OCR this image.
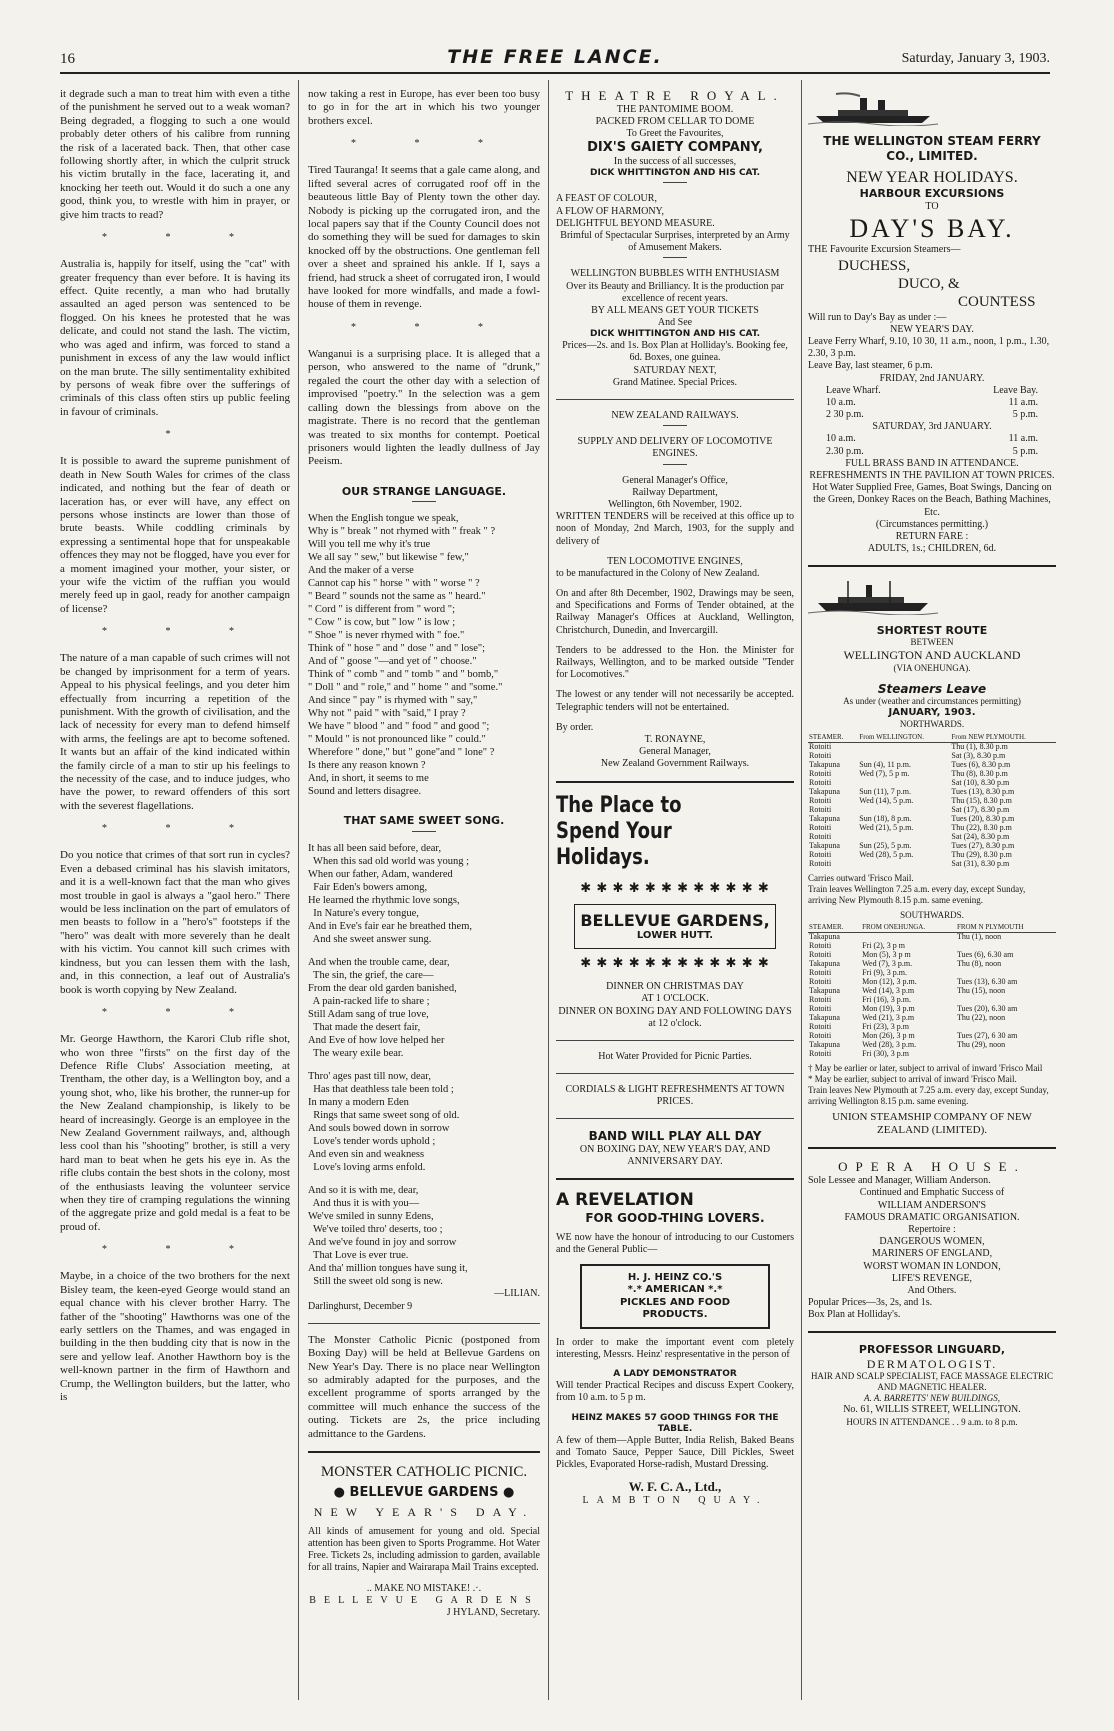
16	THE FREE LANCE.	Saturday, January 3, 1903.

it degrade such a man to treat him with even a tithe of the punishment he served out to a weak woman? Being degraded, a flogging to such a one would probably deter others of his calibre from running the risk of a lacerated back. Then, that other case following shortly after, in which the culprit struck his victim brutally in the face, lacerating it, and knocking her teeth out. Would it do such a one any good, think you, to wrestle with him in prayer, or give him tracts to read?

* * *

Australia is, happily for itself, using the "cat" with greater frequency than ever before. It is having its effect. Quite recently, a man who had brutally assaulted an aged person was sentenced to be flogged. On his knees he protested that he was delicate, and could not stand the lash. The victim, who was aged and infirm, was forced to stand a punishment in excess of any the law would inflict on the man brute. The silly sentimentality exhibited by persons of weak fibre over the sufferings of criminals of this class often stirs up public feeling in favour of criminals.

*

It is possible to award the supreme punishment of death in New South Wales for crimes of the class indicated, and nothing but the fear of death or laceration has, or ever will have, any effect on persons whose instincts are lower than those of brute beasts. While coddling criminals by expressing a sentimental hope that for unspeakable offences they may not be flogged, have you ever for a moment imagined your mother, your sister, or your wife the victim of the ruffian you would merely feed up in gaol, ready for another campaign of license?

* * *

The nature of a man capable of such crimes will not be changed by imprisonment for a term of years. Appeal to his physical feelings, and you deter him effectually from incurring a repetition of the punishment. With the growth of civilisation, and the lack of necessity for every man to defend himself with arms, the feelings are apt to become softened. It wants but an affair of the kind indicated within the family circle of a man to stir up his feelings to the necessity of the case, and to induce judges, who have the power, to reward offenders of this sort with the severest flagellations.

* * *

Do you notice that crimes of that sort run in cycles? Even a debased criminal has his slavish imitators, and it is a well-known fact that the man who gives most trouble in gaol is always a "gaol hero." There would be less inclination on the part of emulators of men beasts to follow in a "hero's" footsteps if the "hero" was dealt with more severely than he dealt with his victim. You cannot kill such crimes with kindness, but you can lessen them with the lash, and, in this connection, a leaf out of Australia's book is worth copying by New Zealand.

* * *

Mr. George Hawthorn, the Karori Club rifle shot, who won three "firsts" on the first day of the Defence Rifle Clubs' Association meeting, at Trentham, the other day, is a Wellington boy, and a young shot, who, like his brother, the runner-up for the New Zealand championship, is likely to be heard of increasingly. George is an employee in the New Zealand Government railways, and, although less cool than his "shooting" brother, is still a very hard man to beat when he gets his eye in. As the rifle clubs contain the best shots in the colony, most of the enthusiasts leaving the volunteer service when they tire of cramping regulations the winning of the aggregate prize and gold medal is a feat to be proud of.

* * *

Maybe, in a choice of the two brothers for the next Bisley team, the keen-eyed George would stand an equal chance with his clever brother Harry. The father of the "shooting" Hawthorns was one of the early settlers on the Thames, and was engaged in building in the then budding city that is now in the sere and yellow leaf. Another Hawthorn boy is the well-known partner in the firm of Hawthorn and Crump, the Wellington builders, but the latter, who is

now taking a rest in Europe, has ever been too busy to go in for the art in which his two younger brothers excel.

* * *

Tired Tauranga! It seems that a gale came along, and lifted several acres of corrugated roof off in the beauteous little Bay of Plenty town the other day. Nobody is picking up the corrugated iron, and the local papers say that if the County Council does not do something they will be sued for damages to skin knocked off by the obstructions. One gentleman fell over a sheet and sprained his ankle. If I, says a friend, had struck a sheet of corrugated iron, I would have looked for more windfalls, and made a fowl-house of them in revenge.

* * *

Wanganui is a surprising place. It is alleged that a person, who answered to the name of "drunk," regaled the court the other day with a selection of improvised "poetry." In the selection was a gem calling down the blessings from above on the magistrate. There is no record that the gentleman was treated to six months for contempt. Poetical prisoners would lighten the leadly dullness of Jay Peeism.

OUR STRANGE LANGUAGE.
When the English tongue we speak,
Why is " break " not rhymed with " freak " ?
Will you tell me why it's true
We all say " sew," but likewise " few,"
And the maker of a verse
Cannot cap his " horse " with " worse " ?
" Beard " sounds not the same as " heard."
" Cord " is different from " word ";
" Cow " is cow, but " low " is low ;
" Shoe " is never rhymed with " foe."
Think of " hose " and " dose " and " lose";
And of " goose "—and yet of " choose."
Think of " comb " and " tomb " and " bomb,"
" Doll " and " role," and " home " and "some."
And since " pay " is rhymed with " say,"
Why not " paid " with "said," I pray ?
We have " blood " and " food " and good ";
" Mould " is not pronounced like " could."
Wherefore " done," but " gone"and " lone" ?
Is there any reason known ?
And, in short, it seems to me
Sound and letters disagree.
THAT SAME SWEET SONG.
It has all been said before, dear,
When this sad old world was young ;
When our father, Adam, wandered
Fair Eden's bowers among,
He learned the rhythmic love songs,
In Nature's every tongue,
And in Eve's fair ear he breathed them,
And she sweet answer sung.
And when the trouble came, dear,
The sin, the grief, the care—
From the dear old garden banished,
A pain-racked life to share ;
Still Adam sang of true love,
That made the desert fair,
And Eve of how love helped her
The weary exile bear.
Thro' ages past till now, dear,
Has that deathless tale been told ;
In many a modern Eden
Rings that same sweet song of old.
And souls bowed down in sorrow
Love's tender words uphold ;
And even sin and weakness
Love's loving arms enfold.
And so it is with me, dear,
And thus it is with you—
We've smiled in sunny Edens,
We've toiled thro' deserts, too ;
And we've found in joy and sorrow
That Love is ever true.
And tha' million tongues have sung it,
Still the sweet old song is new.
—LILIAN.
Darlinghurst, December 9

The Monster Catholic Picnic (postponed from Boxing Day) will be held at Bellevue Gardens on New Year's Day. There is no place near Wellington so admirably adapted for the purposes, and the excellent programme of sports arranged by the committee will much enhance the success of the outing. Tickets are 2s, the price including admittance to the Gardens.

MONSTER CATHOLIC PICNIC.
● BELLEVUE GARDENS ●
NEW YEAR'S DAY.

All kinds of amusement for young and old. Special attention has been given to Sports Programme. Hot Water Free. Tickets 2s, including admission to garden, available for all trains, Napier and Wairarapa Mail Trains excepted.

.. MAKE NO MISTAKE! .·.
BELLEVUE GARDENS
J HYLAND, Secretary.
THEATRE ROYAL.
THE PANTOMIME BOOM.
PACKED FROM CELLAR TO DOME
To Greet the Favourites,
DIX'S GAIETY COMPANY,
In the success of all successes,
DICK WHITTINGTON AND HIS CAT.
A FEAST OF COLOUR,
A FLOW OF HARMONY,
DELIGHTFUL BEYOND MEASURE.
Brimful of Spectacular Surprises, interpreted by an Army of Amusement Makers.
WELLINGTON BUBBLES WITH ENTHUSIASM
Over its Beauty and Brilliancy. It is the production par excellence of recent years.
BY ALL MEANS GET YOUR TICKETS
And See
DICK WHITTINGTON AND HIS CAT.
Prices—2s. and 1s. Box Plan at Holliday's. Booking fee, 6d. Boxes, one guinea.
SATURDAY NEXT,
Grand Matinee. Special Prices.
NEW ZEALAND RAILWAYS.
SUPPLY AND DELIVERY OF LOCOMOTIVE ENGINES.
General Manager's Office,
Railway Department,
Wellington, 6th November, 1902.

WRITTEN TENDERS will be received at this office up to noon of Monday, 2nd March, 1903, for the supply and delivery of

TEN LOCOMOTIVE ENGINES,

to be manufactured in the Colony of New Zealand.

On and after 8th December, 1902, Drawings may be seen, and Specifications and Forms of Tender obtained, at the Railway Manager's Offices at Auckland, Wellington, Christchurch, Dunedin, and Invercargill.

Tenders to be addressed to the Hon. the Minister for Railways, Wellington, and to be marked outside "Tender for Locomotives."

The lowest or any tender will not necessarily be accepted. Telegraphic tenders will not be entertained.

By order.
T. RONAYNE,
General Manager,
New Zealand Government Railways.
The Place to Spend Your Holidays.
✱ ✱ ✱ ✱ ✱ ✱ ✱ ✱ ✱ ✱ ✱ ✱
BELLEVUE GARDENS,
LOWER HUTT.
✱ ✱ ✱ ✱ ✱ ✱ ✱ ✱ ✱ ✱ ✱ ✱
DINNER ON CHRISTMAS DAY
AT 1 O'CLOCK.
DINNER ON BOXING DAY AND FOLLOWING DAYS at 12 o'clock.
Hot Water Provided for Picnic Parties.
CORDIALS & LIGHT REFRESHMENTS AT TOWN PRICES.
BAND WILL PLAY ALL DAY
ON BOXING DAY, NEW YEAR'S DAY, AND ANNIVERSARY DAY.
A REVELATION
FOR GOOD-THING LOVERS.

WE now have the honour of introducing to our Customers and the General Public—

H. J. HEINZ CO.'S
*.* AMERICAN *.*
PICKLES AND FOOD PRODUCTS.

In order to make the important event com pletely interesting, Messrs. Heinz' respresentative in the person of

A LADY DEMONSTRATOR

Will tender Practical Recipes and discuss Expert Cookery, from 10 a.m. to 5 p m.

HEINZ MAKES 57 GOOD THINGS FOR THE TABLE.

A few of them—Apple Butter, India Relish, Baked Beans and Tomato Sauce, Pepper Sauce, Dill Pickles, Sweet Pickles, Evaporated Horse-radish, Mustard Dressing.

W. F. C. A., Ltd.,
LAMBTON QUAY.
THE WELLINGTON STEAM FERRY CO., LIMITED.
NEW YEAR HOLIDAYS.
HARBOUR EXCURSIONS
TO
DAY'S BAY.
THE Favourite Excursion Steamers—
DUCHESS,
DUCO, &
COUNTESS
Will run to Day's Bay as under :—
NEW YEAR'S DAY.
Leave Ferry Wharf, 9.10, 10 30, 11 a.m., noon, 1 p.m., 1.30, 2.30, 3 p.m.
Leave Bay, last steamer, 6 p.m.
FRIDAY, 2nd JANUARY.
Leave Wharf.	Leave Bay.
10 a.m.	11 a.m.
2 30 p.m.	5 p.m.
SATURDAY, 3rd JANUARY.
10 a.m.	11 a.m.
2.30 p.m.	5 p.m.
FULL BRASS BAND IN ATTENDANCE.
REFRESHMENTS IN THE PAVILION AT TOWN PRICES.
Hot Water Supplied Free, Games, Boat Swings, Dancing on the Green, Donkey Races on the Beach, Bathing Machines, Etc.
(Circumstances permitting.)
RETURN FARE :
ADULTS, 1s.; CHILDREN, 6d.
SHORTEST ROUTE
BETWEEN
WELLINGTON AND AUCKLAND
(VIA ONEHUNGA).
Steamers Leave
As under (weather and circumstances permitting)
JANUARY, 1903.
NORTHWARDS.
STEAMER.	From WELLINGTON.	From NEW PLYMOUTH.
Rotoiti		Thu (1), 8.30 p.m
Rotoiti		Sat (3), 8.30 p.m
Takapuna	Sun (4), 11 p.m.	Tues (6), 8.30 p.m
Rotoiti	Wed (7), 5 p m.	Thu (8), 8.30 p.m
Rotoiti		Sat (10), 8.30 p.m
Takapuna	Sun (11), 7 p.m.	Tues (13), 8.30 p.m
Rotoiti	Wed (14), 5 p.m.	Thu (15), 8.30 p.m
Rotoiti		Sat (17), 8.30 p.m
Takapuna	Sun (18), 8 p.m.	Tues (20), 8.30 p.m
Rotoiti	Wed (21), 5 p.m.	Thu (22), 8.30 p.m
Rotoiti		Sat (24), 8.30 p.m
Takapuna	Sun (25), 5 p.m.	Tues (27), 8.30 p.m
Rotoiti	Wed (28), 5 p.m.	Thu (29), 8.30 p.m
Rotoiti		Sat (31), 8.30 p.m
Carries outward 'Frisco Mail.
Train leaves Wellington 7.25 a.m. every day, except Sunday, arriving New Plymouth 8.15 p.m. same evening.
SOUTHWARDS.
STEAMER.	FROM ONEHUNGA.	FROM N PLYMOUTH
Takapuna		Thu (1), noon
Rotoiti	Fri (2), 3 p m	
Rotoiti	Mon (5), 3 p m	Tues (6), 6.30 am
Takapuna	Wed (7), 3 p.m.	Thu (8), noon
Rotoiti	Fri (9), 3 p.m.	
Rotoiti	Mon (12), 3 p.m.	Tues (13), 6.30 am
Takapuna	Wed (14), 3 p.m	Thu (15), noon
Rotoiti	Fri (16), 3 p.m.	
Rotoiti	Mon (19), 3 p.m	Tues (20), 6.30 am
Takapuna	Wed (21), 3 p.m	Thu (22), noon
Rotoiti	Fri (23), 3 p.m	
Rotoiti	Mon (26), 3 p m	Tues (27), 6 30 am
Takapuna	Wed (28), 3 p.m.	Thu (29), noon
Rotoiti	Fri (30), 3 p.m	
† May be earlier or later, subject to arrival of inward 'Frisco Mail
* May be earlier, subject to arrival of inward 'Frisco Mail.
Train leaves New Plymouth at 7.25 a.m. every day, except Sunday, arriving Wellington 8.15 p.m. same evening.
UNION STEAMSHIP COMPANY OF NEW ZEALAND (LIMITED).
OPERA HOUSE.
Sole Lessee and Manager, William Anderson.
Continued and Emphatic Success of
WILLIAM ANDERSON'S
FAMOUS DRAMATIC ORGANISATION.
Repertoire :
DANGEROUS WOMEN,
MARINERS OF ENGLAND,
WORST WOMAN IN LONDON,
LIFE'S REVENGE,
And Others.
Popular Prices—3s, 2s, and 1s.
Box Plan at Holliday's.
PROFESSOR LINGUARD,
DERMATOLOGIST.
HAIR AND SCALP SPECIALIST, FACE MASSAGE ELECTRIC AND MAGNETIC HEALER.
A. A. BARRETTS' NEW BUILDINGS,
No. 61, WILLIS STREET, WELLINGTON.
HOURS IN ATTENDANCE . . 9 a.m. to 8 p.m.
